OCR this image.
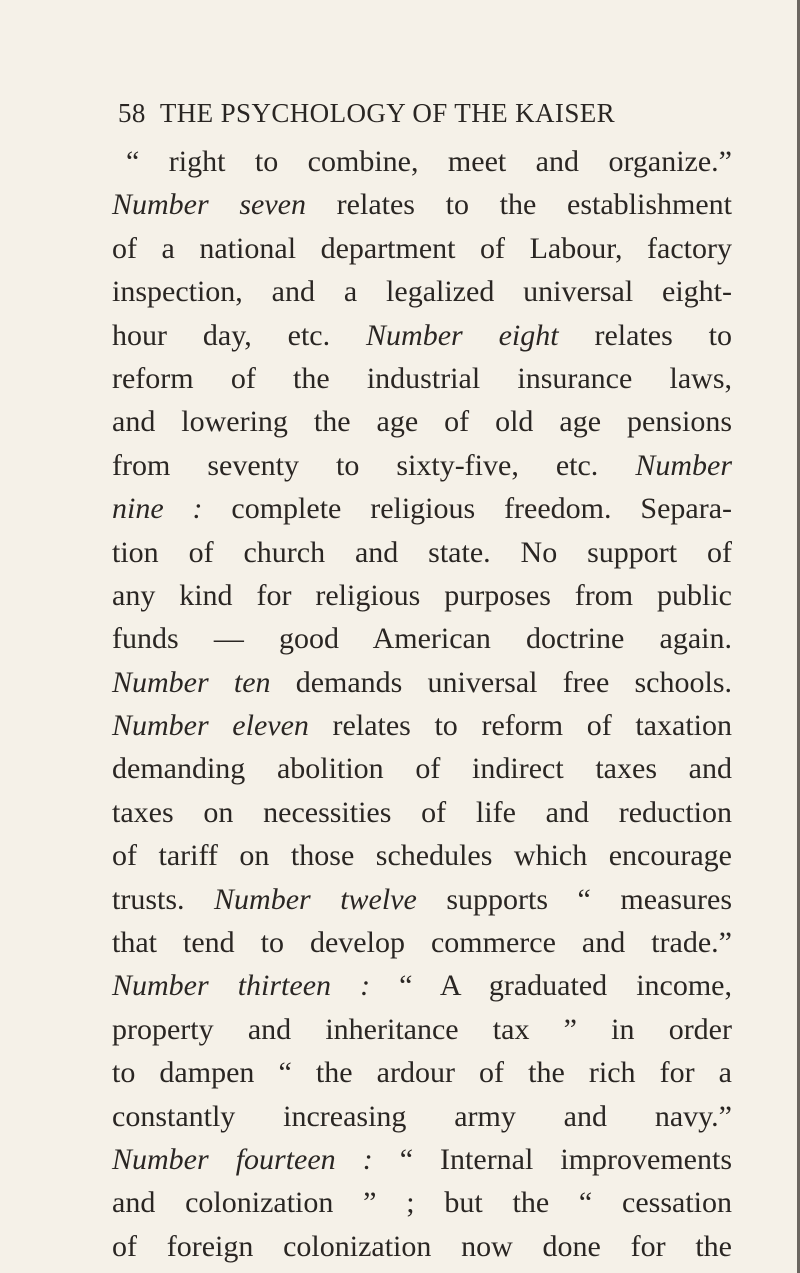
58 THE PSYCHOLOGY OF THE KAISER
“ right to combine, meet and organize.”
Number seven relates to the establishment
of a national department of Labour, factory
inspection, and a legalized universal eight-
hour day, etc. Number eight relates to
reform of the industrial insurance laws,
and lowering the age of old age pensions
from seventy to sixty-five, etc. Number
nine : complete religious freedom. Separa-
tion of church and state. No support of
any kind for religious purposes from public
funds — good American doctrine again.
Number ten demands universal free schools.
Number eleven relates to reform of taxation
demanding abolition of indirect taxes and
taxes on necessities of life and reduction
of tariff on those schedules which encourage
trusts. Number twelve supports “ measures
that tend to develop commerce and trade.”
Number thirteen : “ A graduated income,
property and inheritance tax ” in order
to dampen “ the ardour of the rich for a
constantly increasing army and navy.”
Number fourteen : “ Internal improvements
and colonization ” ; but the “ cessation
of foreign colonization now done for the
